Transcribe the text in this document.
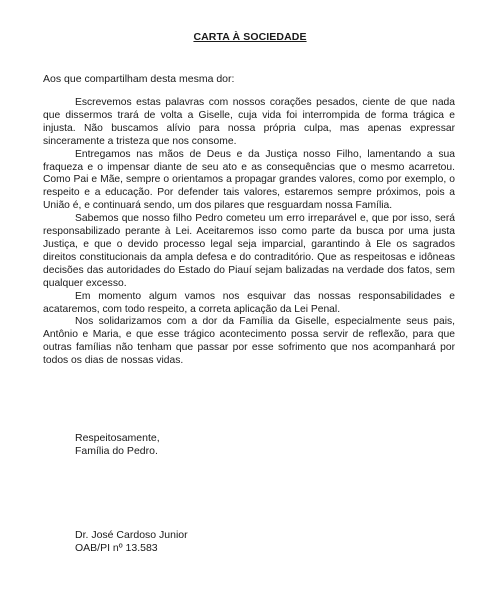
CARTA À SOCIEDADE
Aos que compartilham desta mesma dor:

Escrevemos estas palavras com nossos corações pesados, ciente de que nada que dissermos trará de volta a Giselle, cuja vida foi interrompida de forma trágica e injusta. Não buscamos alívio para nossa própria culpa, mas apenas expressar sinceramente a tristeza que nos consome.

Entregamos nas mãos de Deus e da Justiça nosso Filho, lamentando a sua fraqueza e o impensar diante de seu ato e as consequências que o mesmo acarretou. Como Pai e Mãe, sempre o orientamos a propagar grandes valores, como por exemplo, o respeito e a educação. Por defender tais valores, estaremos sempre próximos, pois a União é, e continuará sendo, um dos pilares que resguardam nossa Família.

Sabemos que nosso filho Pedro cometeu um erro irreparável e, que por isso, será responsabilizado perante à Lei. Aceitaremos isso como parte da busca por uma justa Justiça, e que o devido processo legal seja imparcial, garantindo à Ele os sagrados direitos constitucionais da ampla defesa e do contraditório. Que as respeitosas e idôneas decisões das autoridades do Estado do Piauí sejam balizadas na verdade dos fatos, sem qualquer excesso.

Em momento algum vamos nos esquivar das nossas responsabilidades e acataremos, com todo respeito, a correta aplicação da Lei Penal.

Nos solidarizamos com a dor da Família da Giselle, especialmente seus pais, Antônio e Maria, e que esse trágico acontecimento possa servir de reflexão, para que outras famílias não tenham que passar por esse sofrimento que nos acompanhará por todos os dias de nossas vidas.

Respeitosamente,
Família do Pedro.
Dr. José Cardoso Junior
OAB/PI nº 13.583
